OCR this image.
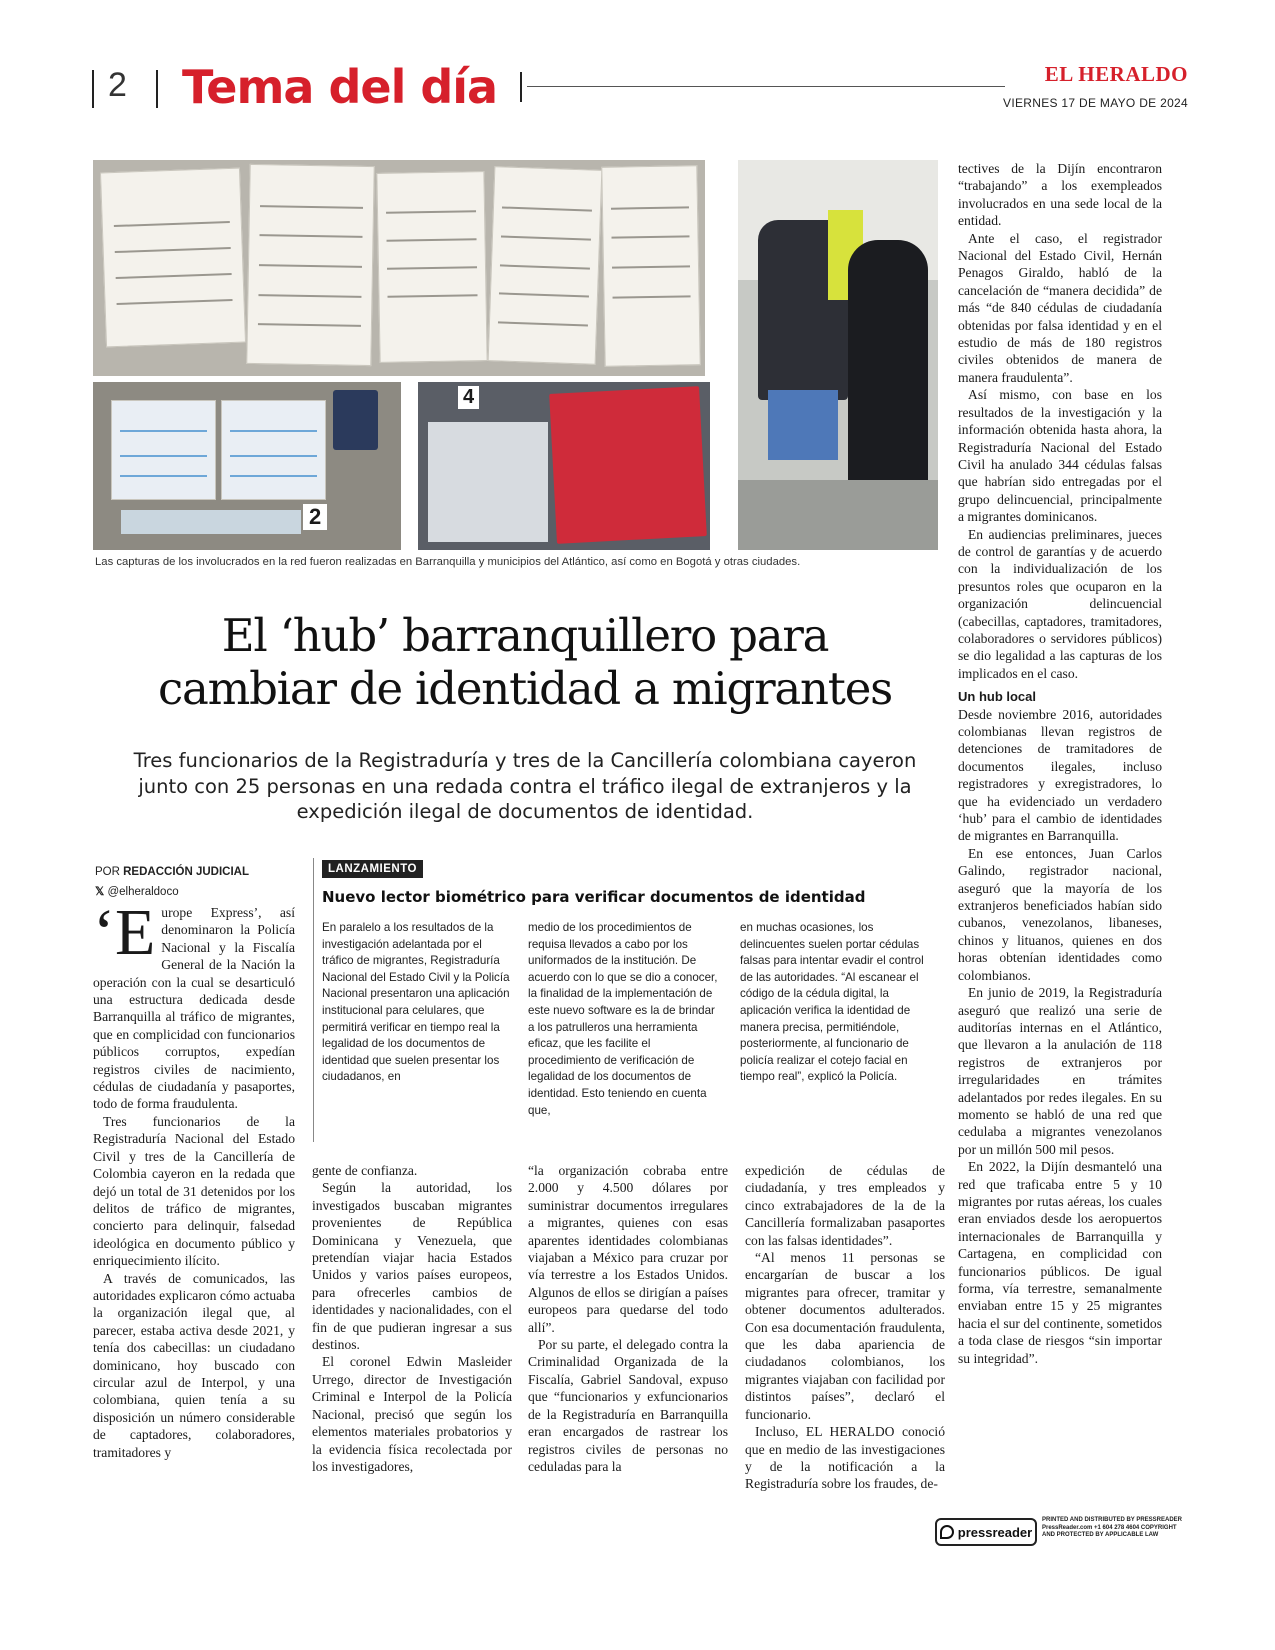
2 Tema del día	EL HERALDO
VIERNES 17 DE MAYO DE 2024
2
4
Las capturas de los involucrados en la red fueron realizadas en Barranquilla y municipios del Atlántico, así como en Bogotá y otras ciudades.
El ‘hub’ barranquillero para
cambiar de identidad a migrantes
Tres funcionarios de la Registraduría y tres de la Cancillería colombiana cayeron junto con 25 personas en una redada contra el tráfico ilegal de extranjeros y la expedición ilegal de documentos de identidad.
POR REDACCIÓN JUDICIAL
𝕏 @elheraldoco

‘Europe Express’, así denominaron la Policía Nacional y la Fiscalía General de la Nación la operación con la cual se desarticuló una estructura dedicada desde Barranquilla al tráfico de migrantes, que en complicidad con funcionarios públicos corruptos, expedían registros civiles de nacimiento, cédulas de ciudadanía y pasaportes, todo de forma fraudulenta.

Tres funcionarios de la Registraduría Nacional del Estado Civil y tres de la Cancillería de Colombia cayeron en la redada que dejó un total de 31 detenidos por los delitos de tráfico de migrantes, concierto para delinquir, falsedad ideológica en documento público y enriquecimiento ilícito.

A través de comunicados, las autoridades explicaron cómo actuaba la organización ilegal que, al parecer, estaba activa desde 2021, y tenía dos cabecillas: un ciudadano dominicano, hoy buscado con circular azul de Interpol, y una colombiana, quien tenía a su disposición un número considerable de captadores, colaboradores, tramitadores y

LANZAMIENTO
Nuevo lector biométrico para verificar documentos de identidad
En paralelo a los resultados de la investigación adelantada por el tráfico de migrantes, Registraduría Nacional del Estado Civil y la Policía Nacional presentaron una aplicación institucional para celulares, que permitirá verificar en tiempo real la legalidad de los documentos de identidad que suelen presentar los ciudadanos, en
medio de los procedimientos de requisa llevados a cabo por los uniformados de la institución. De acuerdo con lo que se dio a conocer, la finalidad de la implementación de este nuevo software es la de brindar a los patrulleros una herramienta eficaz, que les facilite el procedimiento de verificación de legalidad de los documentos de identidad. Esto teniendo en cuenta que,
en muchas ocasiones, los delincuentes suelen portar cédulas falsas para intentar evadir el control de las autoridades. “Al escanear el código de la cédula digital, la aplicación verifica la identidad de manera precisa, permitiéndole, posteriormente, al funcionario de policía realizar el cotejo facial en tiempo real”, explicó la Policía.

gente de confianza.

Según la autoridad, los investigados buscaban migrantes provenientes de República Dominicana y Venezuela, que pretendían viajar hacia Estados Unidos y varios países europeos, para ofrecerles cambios de identidades y nacionalidades, con el fin de que pudieran ingresar a sus destinos.

El coronel Edwin Masleider Urrego, director de Investigación Criminal e Interpol de la Policía Nacional, precisó que según los elementos materiales probatorios y la evidencia física recolectada por los investigadores,

“la organización cobraba entre 2.000 y 4.500 dólares por suministrar documentos irregulares a migrantes, quienes con esas aparentes identidades colombianas viajaban a México para cruzar por vía terrestre a los Estados Unidos. Algunos de ellos se dirigían a países europeos para quedarse del todo allí”.

Por su parte, el delegado contra la Criminalidad Organizada de la Fiscalía, Gabriel Sandoval, expuso que “funcionarios y exfuncionarios de la Registraduría en Barranquilla eran encargados de rastrear los registros civiles de personas no ceduladas para la

expedición de cédulas de ciudadanía, y tres empleados y cinco extrabajadores de la de la Cancillería formalizaban pasaportes con las falsas identidades”.

“Al menos 11 personas se encargarían de buscar a los migrantes para ofrecer, tramitar y obtener documentos adulterados. Con esa documentación fraudulenta, que les daba apariencia de ciudadanos colombianos, los migrantes viajaban con facilidad por distintos países”, declaró el funcionario.

Incluso, EL HERALDO conoció que en medio de las investigaciones y de la notificación a la Registraduría sobre los fraudes, de-

tectives de la Dijín encontraron “trabajando” a los exempleados involucrados en una sede local de la entidad.

Ante el caso, el registrador Nacional del Estado Civil, Hernán Penagos Giraldo, habló de la cancelación de “manera decidida” de más “de 840 cédulas de ciudadanía obtenidas por falsa identidad y en el estudio de más de 180 registros civiles obtenidos de manera de manera fraudulenta”.

Así mismo, con base en los resultados de la investigación y la información obtenida hasta ahora, la Registraduría Nacional del Estado Civil ha anulado 344 cédulas falsas que habrían sido entregadas por el grupo delincuencial, principalmente a migrantes dominicanos.

En audiencias preliminares, jueces de control de garantías y de acuerdo con la individualización de los presuntos roles que ocuparon en la organización delincuencial (cabecillas, captadores, tramitadores, colaboradores o servidores públicos) se dio legalidad a las capturas de los implicados en el caso.

Un hub local

Desde noviembre 2016, autoridades colombianas llevan registros de detenciones de tramitadores de documentos ilegales, incluso registradores y exregistradores, lo que ha evidenciado un verdadero ‘hub’ para el cambio de identidades de migrantes en Barranquilla.

En ese entonces, Juan Carlos Galindo, registrador nacional, aseguró que la mayoría de los extranjeros beneficiados habían sido cubanos, venezolanos, libaneses, chinos y lituanos, quienes en dos horas obtenían identidades como colombianos.

En junio de 2019, la Registraduría aseguró que realizó una serie de auditorías internas en el Atlántico, que llevaron a la anulación de 118 registros de extranjeros por irregularidades en trámites adelantados por redes ilegales. En su momento se habló de una red que cedulaba a migrantes venezolanos por un millón 500 mil pesos.

En 2022, la Dijín desmanteló una red que traficaba entre 5 y 10 migrantes por rutas aéreas, los cuales eran enviados desde los aeropuertos internacionales de Barranquilla y Cartagena, en complicidad con funcionarios públicos. De igual forma, vía terrestre, semanalmente enviaban entre 15 y 25 migrantes hacia el sur del continente, sometidos a toda clase de riesgos “sin importar su integridad”.

pressreader
PRINTED AND DISTRIBUTED BY PRESSREADER PressReader.com +1 604 278 4604 COPYRIGHT AND PROTECTED BY APPLICABLE LAW
